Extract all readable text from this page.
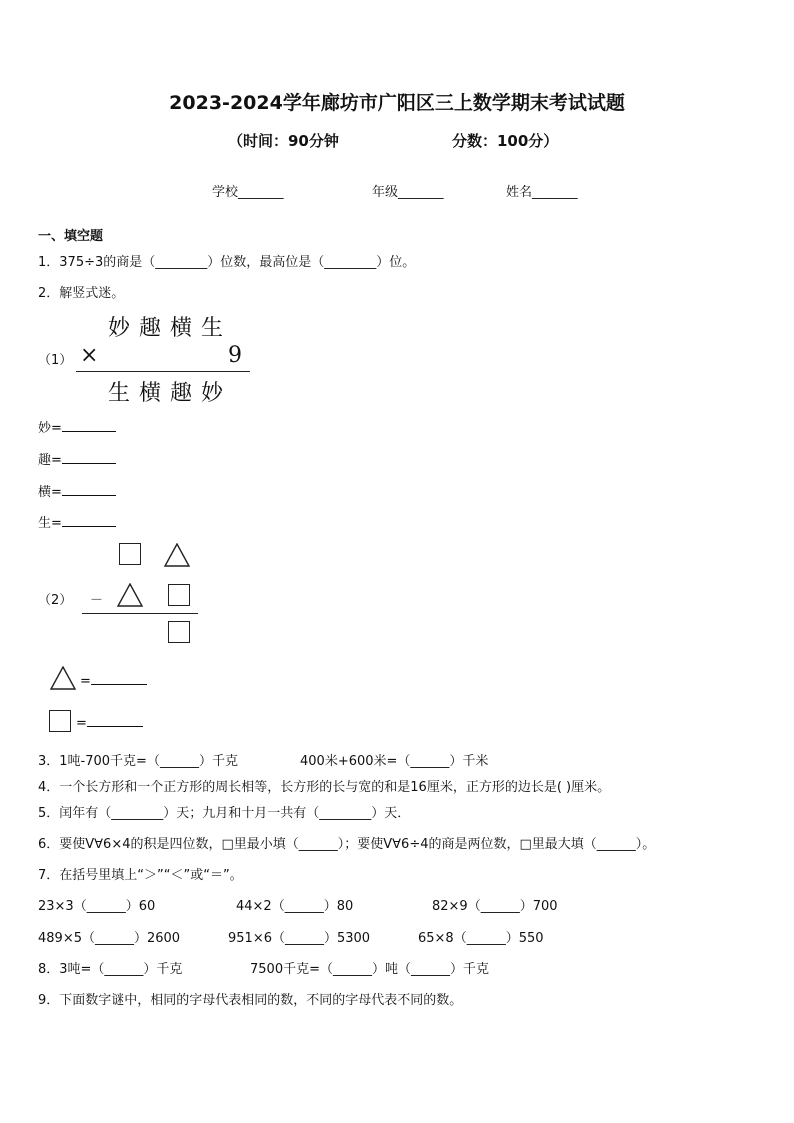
2023-2024学年廊坊市广阳区三上数学期末考试试题
（时间：90分钟	分数：100分）
学校_______	年级_______	姓名_______
一、填空题
1．375÷3的商是（________）位数，最高位是（________）位。
2．解竖式迷。
（1）
妙 趣 横 生
×	9
生 横 趣 妙
妙=
趣=
横=
生=
（2） －
=
=
3．1吨-700千克=（______）千克	400米+600米=（______）千米
4．一个长方形和一个正方形的周长相等，长方形的长与宽的和是16厘米，正方形的边长是( )厘米。
5．闰年有（________）天；九月和十月一共有（________）天．
6．要使V∀6×4的积是四位数，□里最小填（______）；要使V∀6÷4的商是两位数，□里最大填（______）。
7．在括号里填上“＞”“＜”或“＝”。
23×3（______）60	44×2（______）80	82×9（______）700
489×5（______）2600	951×6（______）5300	65×8（______）550
8．3吨=（______）千克	7500千克=（______）吨（______）千克
9．下面数字谜中，相同的字母代表相同的数，不同的字母代表不同的数。
